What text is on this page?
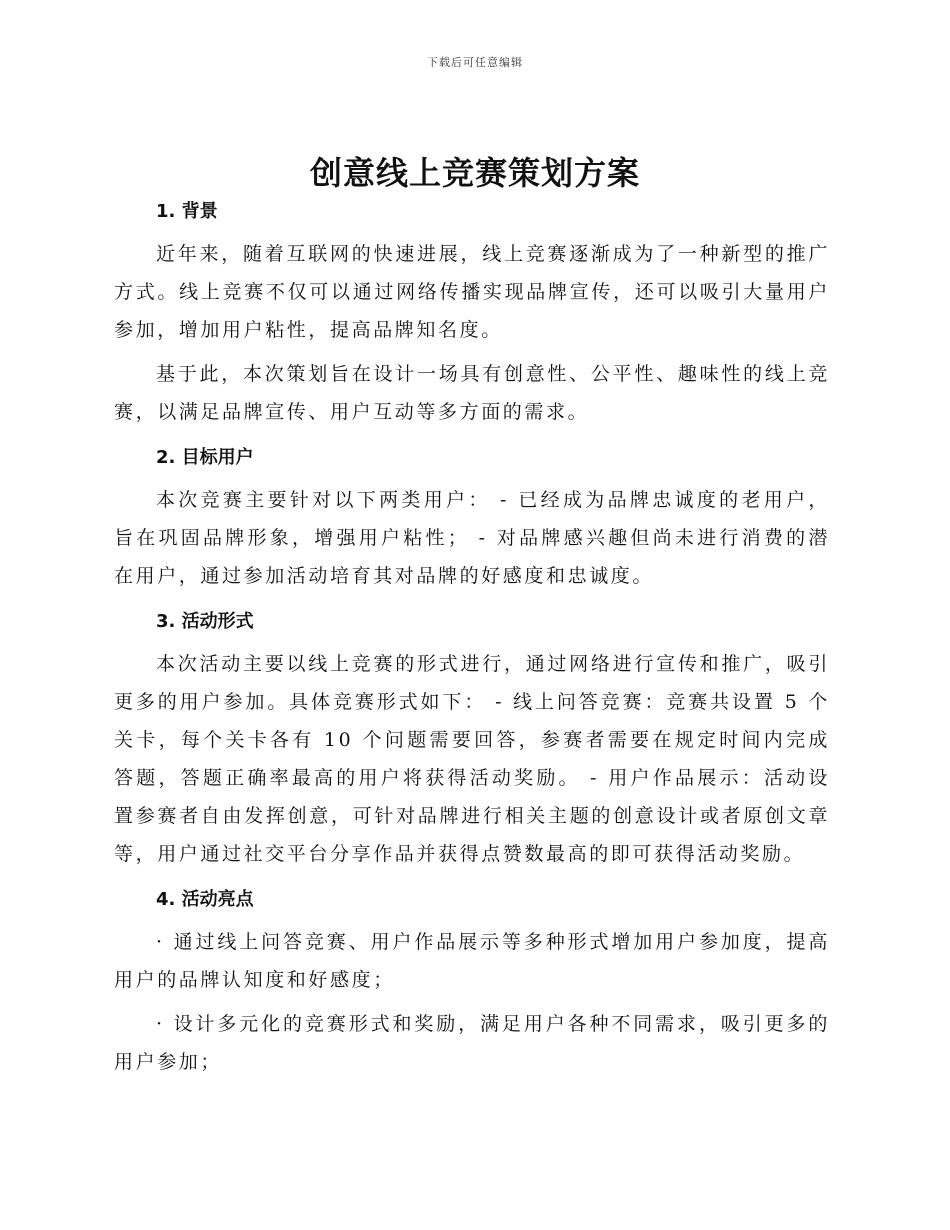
下载后可任意编辑
创意线上竞赛策划方案
1. 背景

近年来，随着互联网的快速进展，线上竞赛逐渐成为了一种新型的推广方式。线上竞赛不仅可以通过网络传播实现品牌宣传，还可以吸引大量用户参加，增加用户粘性，提高品牌知名度。

基于此，本次策划旨在设计一场具有创意性、公平性、趣味性的线上竞赛，以满足品牌宣传、用户互动等多方面的需求。

2. 目标用户

本次竞赛主要针对以下两类用户： - 已经成为品牌忠诚度的老用户，旨在巩固品牌形象，增强用户粘性； - 对品牌感兴趣但尚未进行消费的潜在用户，通过参加活动培育其对品牌的好感度和忠诚度。

3. 活动形式

本次活动主要以线上竞赛的形式进行，通过网络进行宣传和推广，吸引更多的用户参加。具体竞赛形式如下： - 线上问答竞赛：竞赛共设置 5 个关卡，每个关卡各有 10 个问题需要回答，参赛者需要在规定时间内完成答题，答题正确率最高的用户将获得活动奖励。 - 用户作品展示：活动设置参赛者自由发挥创意，可针对品牌进行相关主题的创意设计或者原创文章等，用户通过社交平台分享作品并获得点赞数最高的即可获得活动奖励。

4. 活动亮点

· 通过线上问答竞赛、用户作品展示等多种形式增加用户参加度，提高用户的品牌认知度和好感度；

· 设计多元化的竞赛形式和奖励，满足用户各种不同需求，吸引更多的用户参加；
